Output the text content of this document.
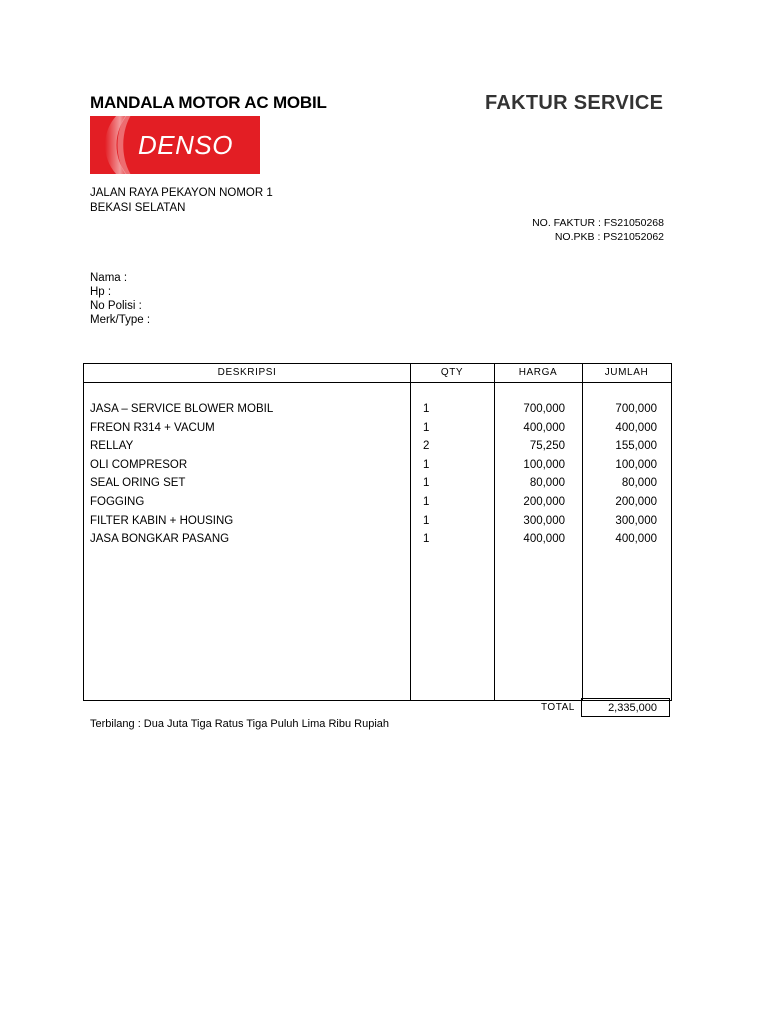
MANDALA MOTOR AC MOBIL	FAKTUR SERVICE
DENSO
JALAN RAYA PEKAYON NOMOR 1
BEKASI SELATAN
NO. FAKTUR : FS21050268
NO.PKB : PS21052062
Nama :
Hp :
No Polisi :
Merk/Type :
DESKRIPSI	QTY	HARGA	JUMLAH
JASA – SERVICE BLOWER MOBIL	1	700,000	700,000
FREON R314 + VACUM	1	400,000	400,000
RELLAY	2	75,250	155,000
OLI COMPRESOR	1	100,000	100,000
SEAL ORING SET	1	80,000	80,000
FOGGING	1	200,000	200,000
FILTER KABIN + HOUSING	1	300,000	300,000
JASA BONGKAR PASANG	1	400,000	400,000
TOTAL	2,335,000
Terbilang : Dua Juta Tiga Ratus Tiga Puluh Lima Ribu Rupiah
